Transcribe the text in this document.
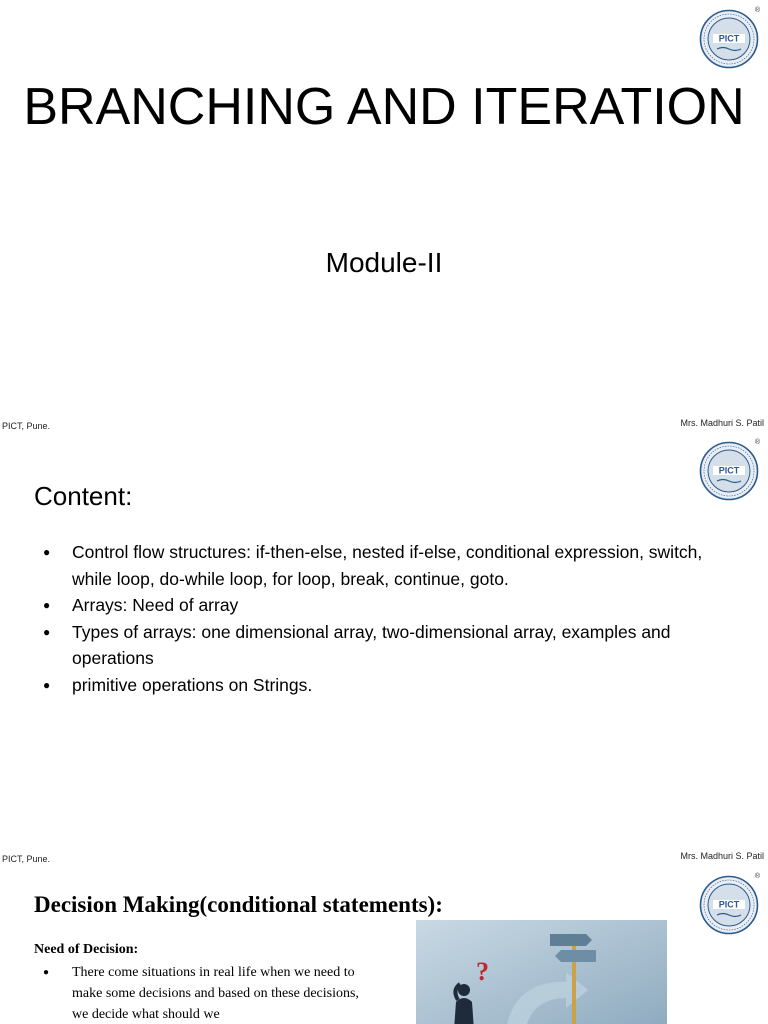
PICT
®
BRANCHING AND ITERATION
Module-II
PICT, Pune.	Mrs. Madhuri S. Patil
PICT
®
Content:
● Control flow structures: if-then-else, nested if-else, conditional expression, switch, while loop, do-while loop, for loop, break, continue, goto.
● Arrays: Need of array
● Types of arrays: one dimensional array, two-dimensional array, examples and operations
● primitive operations on Strings.
PICT, Pune.	Mrs. Madhuri S. Patil
PICT
®
Decision Making(conditional statements):
Need of Decision:
● There come situations in real life when we need to make some decisions and based on these decisions, we decide what should we
?
